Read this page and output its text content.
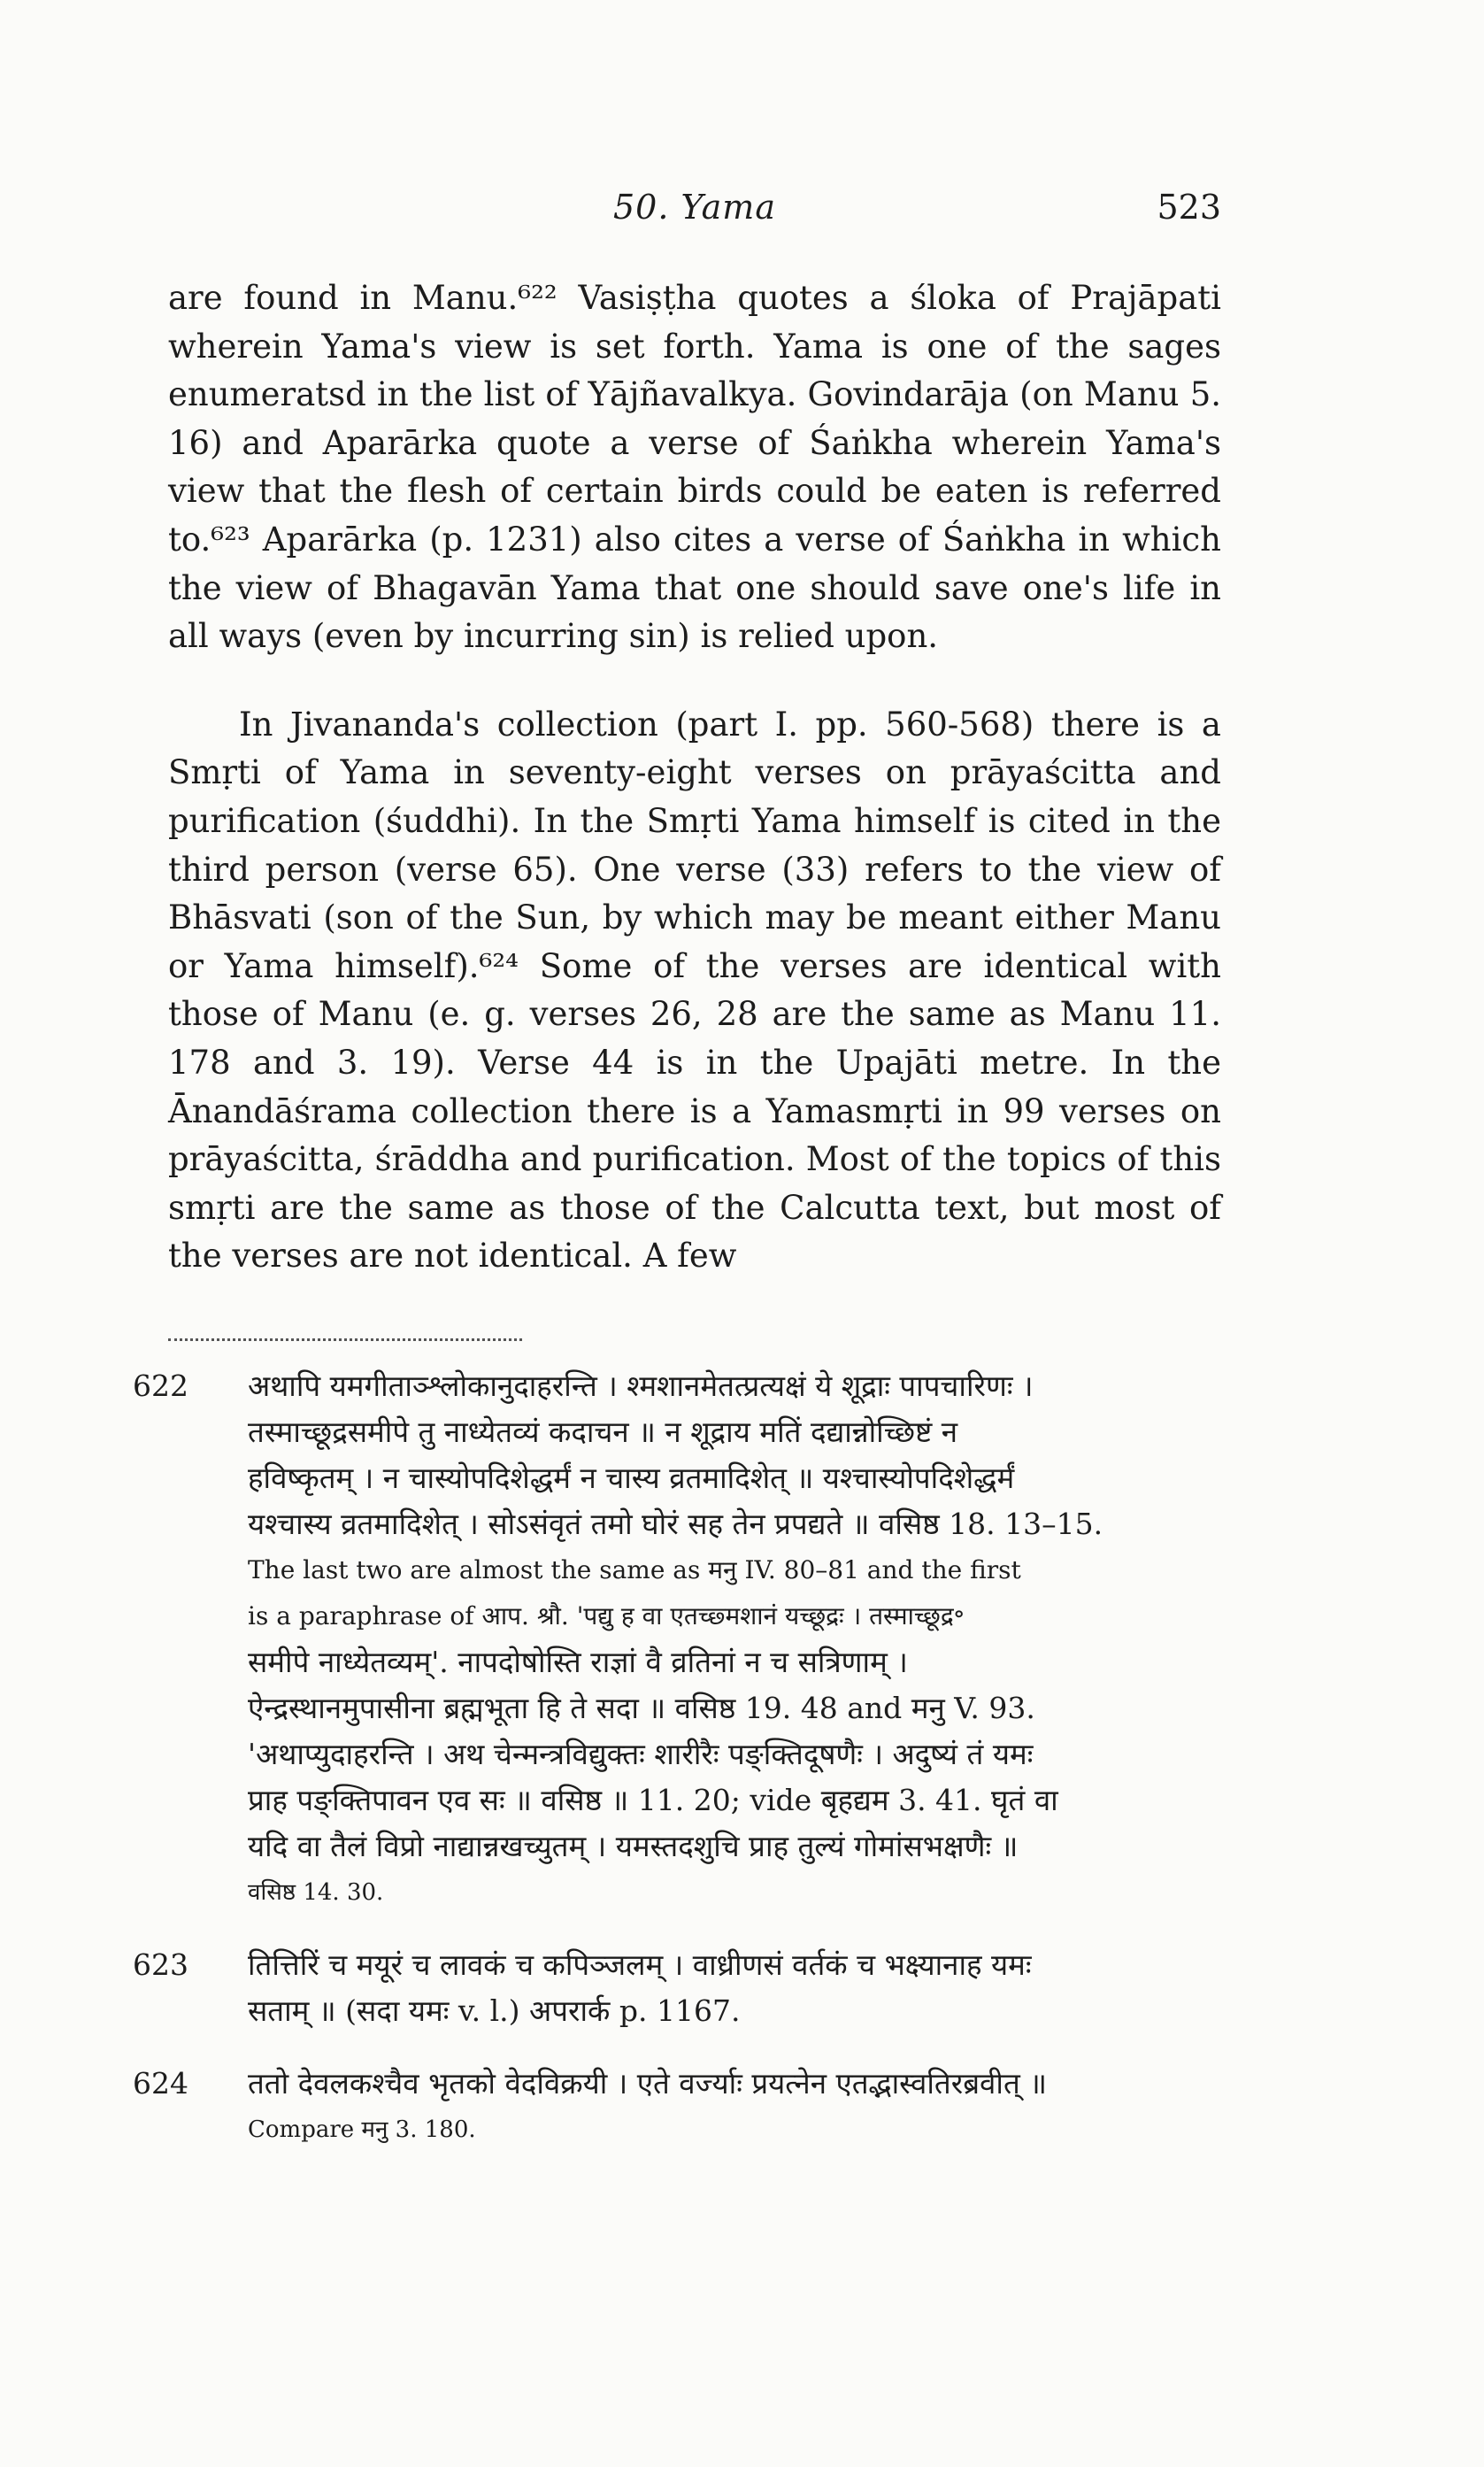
50. Yama	523

are found in Manu.⁶²² Vasiṣṭha quotes a śloka of Prajāpati wherein Yama's view is set forth. Yama is one of the sages enumeratsd in the list of Yājñavalkya. Govindarāja (on Manu 5. 16) and Aparārka quote a verse of Śaṅkha wherein Yama's view that the flesh of certain birds could be eaten is referred to.⁶²³ Aparārka (p. 1231) also cites a verse of Śaṅkha in which the view of Bhagavān Yama that one should save one's life in all ways (even by incurring sin) is relied upon.

In Jivananda's collection (part I. pp. 560-568) there is a Smṛti of Yama in seventy-eight verses on prāyaścitta and purification (śuddhi). In the Smṛti Yama himself is cited in the third person (verse 65). One verse (33) refers to the view of Bhāsvati (son of the Sun, by which may be meant either Manu or Yama himself).⁶²⁴ Some of the verses are identical with those of Manu (e. g. verses 26, 28 are the same as Manu 11. 178 and 3. 19). Verse 44 is in the Upajāti metre. In the Ānandāśrama collection there is a Yamasmṛti in 99 verses on prāyaścitta, śrāddha and purification. Most of the topics of this smṛti are the same as those of the Calcutta text, but most of the verses are not identical. A few

622	अथापि यमगीताञ्श्लोकानुदाहरन्ति । श्मशानमेतत्प्रत्यक्षं ये शूद्राः पापचारिणः ।
तस्माच्छूद्रसमीपे तु नाध्येतव्यं कदाचन ॥ न शूद्राय मतिं दद्यान्नोच्छिष्टं न
हविष्कृतम् । न चास्योपदिशेद्धर्मं न चास्य व्रतमादिशेत् ॥ यश्चास्योपदिशेद्धर्मं
यश्चास्य व्रतमादिशेत् । सोऽसंवृतं तमो घोरं सह तेन प्रपद्यते ॥ वसिष्ठ 18. 13–15.
The last two are almost the same as मनु IV. 80–81 and the first
is a paraphrase of आप. श्रौ. 'पद्यु ह वा एतच्छ्मशानं यच्छूद्रः । तस्माच्छूद्र॰
समीपे नाध्येतव्यम्'. नापदोषोस्ति राज्ञां वै व्रतिनां न च सत्रिणाम् ।
ऐन्द्रस्थानमुपासीना ब्रह्मभूता हि ते सदा ॥ वसिष्ठ 19. 48 and मनु V. 93.
'अथाप्युदाहरन्ति । अथ चेन्मन्त्रविद्युक्तः शारीरैः पङ्क्तिदूषणैः । अदुष्यं तं यमः
प्राह पङ्क्तिपावन एव सः ॥ वसिष्ठ ॥ 11. 20; vide बृहद्यम 3. 41. घृतं वा
यदि वा तैलं विप्रो नाद्यान्नखच्युतम् । यमस्तदशुचि प्राह तुल्यं गोमांसभक्षणैः ॥
वसिष्ठ 14. 30.
623	तित्तिरिं च मयूरं च लावकं च कपिञ्जलम् । वाध्रीणसं वर्तकं च भक्ष्यानाह यमः
सताम् ॥ (सदा यमः v. l.) अपरार्क p. 1167.
624	ततो देवलकश्चैव भृतको वेदविक्रयी । एते वर्ज्याः प्रयत्नेन एतद्भास्वतिरब्रवीत् ॥
Compare मनु 3. 180.
